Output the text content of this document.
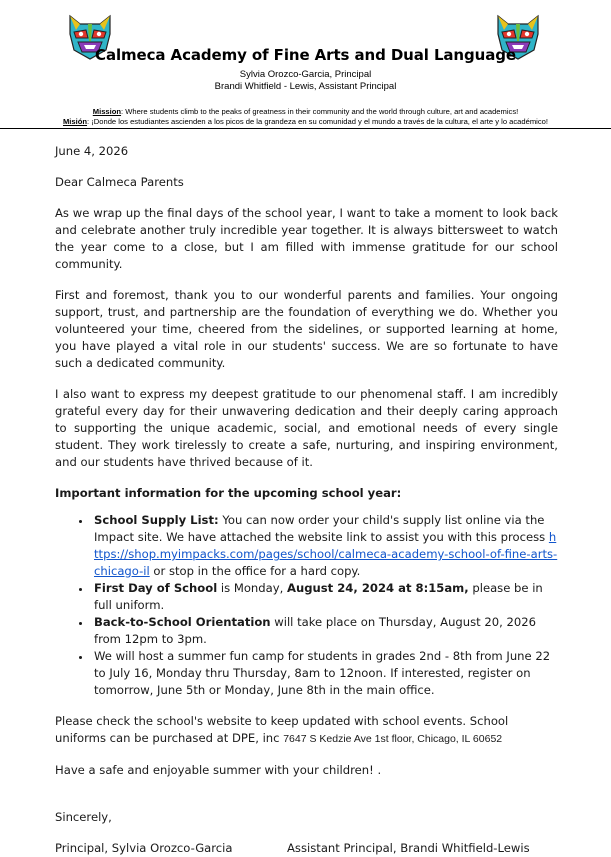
Calmeca Academy of Fine Arts and Dual Language
Sylvia Orozco-Garcia, Principal
Brandi Whitfield - Lewis, Assistant Principal
Mission: Where students climb to the peaks of greatness in their community and the world through culture, art and academics!
Misión: ¡Donde los estudiantes ascienden a los picos de la grandeza en su comunidad y el mundo a través de la cultura, el arte y lo académico!

June 4, 2026

Dear Calmeca Parents

As we wrap up the final days of the school year, I want to take a moment to look back and celebrate another truly incredible year together. It is always bittersweet to watch the year come to a close, but I am filled with immense gratitude for our school community.

First and foremost, thank you to our wonderful parents and families. Your ongoing support, trust, and partnership are the foundation of everything we do. Whether you volunteered your time, cheered from the sidelines, or supported learning at home, you have played a vital role in our students' success. We are so fortunate to have such a dedicated community.

I also want to express my deepest gratitude to our phenomenal staff. I am incredibly grateful every day for their unwavering dedication and their deeply caring approach to supporting the unique academic, social, and emotional needs of every single student. They work tirelessly to create a safe, nurturing, and inspiring environment, and our students have thrived because of it.

Important information for the upcoming school year:

• School Supply List: You can now order your child's supply list online via the Impact site. We have attached the website link to assist you with this process https://shop.myimpacks.com/pages/school/calmeca-academy-school-of-fine-arts-chicago-il or stop in the office for a hard copy.
• First Day of School is Monday, August 24, 2024 at 8:15am, please be in full uniform.
• Back-to-School Orientation will take place on Thursday, August 20, 2026 from 12pm to 3pm.
• We will host a summer fun camp for students in grades 2nd - 8th from June 22 to July 16, Monday thru Thursday, 8am to 12noon. If interested, register on tomorrow, June 5th or Monday, June 8th in the main office.

Please check the school's website to keep updated with school events. School uniforms can be purchased at DPE, inc 7647 S Kedzie Ave 1st floor, Chicago, IL 60652

Have a safe and enjoyable summer with your children! .

Sincerely,

Principal, Sylvia Orozco-Garcia	Assistant Principal, Brandi Whitfield-Lewis
